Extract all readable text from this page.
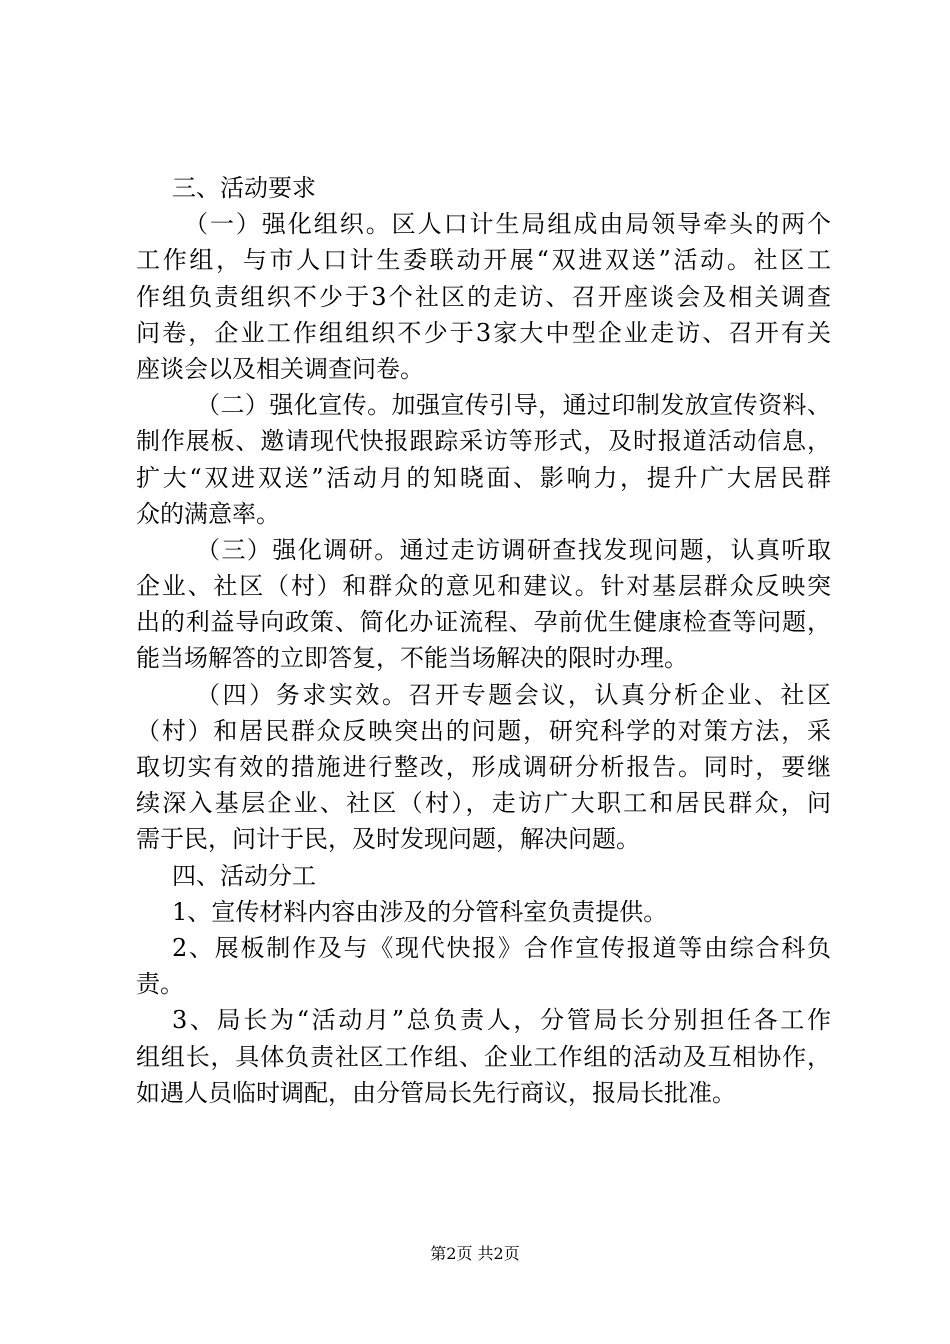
三、活动要求
（一）强化组织。区人口计生局组成由局领导牵头的两个
工作组，与市人口计生委联动开展“双进双送”活动。社区工
作组负责组织不少于3个社区的走访、召开座谈会及相关调查
问卷，企业工作组组织不少于3家大中型企业走访、召开有关
座谈会以及相关调查问卷。
（二）强化宣传。加强宣传引导，通过印制发放宣传资料、
制作展板、邀请现代快报跟踪采访等形式，及时报道活动信息，
扩大“双进双送”活动月的知晓面、影响力，提升广大居民群
众的满意率。
（三）强化调研。通过走访调研查找发现问题，认真听取
企业、社区（村）和群众的意见和建议。针对基层群众反映突
出的利益导向政策、简化办证流程、孕前优生健康检查等问题，
能当场解答的立即答复，不能当场解决的限时办理。
（四）务求实效。召开专题会议，认真分析企业、社区
（村）和居民群众反映突出的问题，研究科学的对策方法，采
取切实有效的措施进行整改，形成调研分析报告。同时，要继
续深入基层企业、社区（村），走访广大职工和居民群众，问
需于民，问计于民，及时发现问题，解决问题。
四、活动分工
1、宣传材料内容由涉及的分管科室负责提供。
2、展板制作及与《现代快报》合作宣传报道等由综合科负
责。
3、局长为“活动月”总负责人，分管局长分别担任各工作
组组长，具体负责社区工作组、企业工作组的活动及互相协作，
如遇人员临时调配，由分管局长先行商议，报局长批准。
第2页 共2页
